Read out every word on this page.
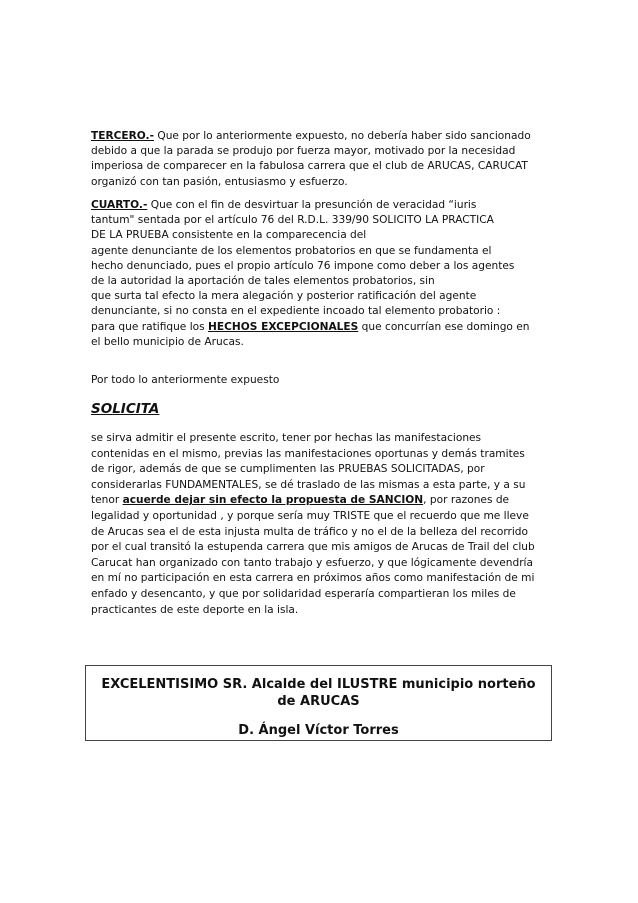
TERCERO.- Que por lo anteriormente expuesto, no debería haber sido sancionado
debido a que la parada se produjo por fuerza mayor, motivado por la necesidad
imperiosa de comparecer en la fabulosa carrera que el club de ARUCAS, CARUCAT
organizó con tan pasión, entusiasmo y esfuerzo.
CUARTO.- Que con el fin de desvirtuar la presunción de veracidad “iuris
tantum" sentada por el artículo 76 del R.D.L. 339/90 SOLICITO LA PRACTICA
DE LA PRUEBA consistente en la comparecencia del
agente denunciante de los elementos probatorios en que se fundamenta el
hecho denunciado, pues el propio artículo 76 impone como deber a los agentes
de la autoridad la aportación de tales elementos probatorios, sin
que surta tal efecto la mera alegación y posterior ratificación del agente
denunciante, si no consta en el expediente incoado tal elemento probatorio :
para que ratifique los HECHOS EXCEPCIONALES que concurrían ese domingo en
el bello municipio de Arucas.
Por todo lo anteriormente expuesto
SOLICITA
se sirva admitir el presente escrito, tener por hechas las manifestaciones
contenidas en el mismo, previas las manifestaciones oportunas y demás tramites
de rigor, además de que se cumplimenten las PRUEBAS SOLICITADAS, por
considerarlas FUNDAMENTALES, se dé traslado de las mismas a esta parte, y a su
tenor acuerde dejar sin efecto la propuesta de SANCION, por razones de
legalidad y oportunidad , y porque sería muy TRISTE que el recuerdo que me lleve
de Arucas sea el de esta injusta multa de tráfico y no el de la belleza del recorrido
por el cual transitó la estupenda carrera que mis amigos de Arucas de Trail del club
Carucat han organizado con tanto trabajo y esfuerzo, y que lógicamente devendría
en mí no participación en esta carrera en próximos años como manifestación de mi
enfado y desencanto, y que por solidaridad esperaría compartieran los miles de
practicantes de este deporte en la isla.
EXCELENTISIMO SR. Alcalde del ILUSTRE municipio norteño
de ARUCAS
D. Ángel Víctor Torres
